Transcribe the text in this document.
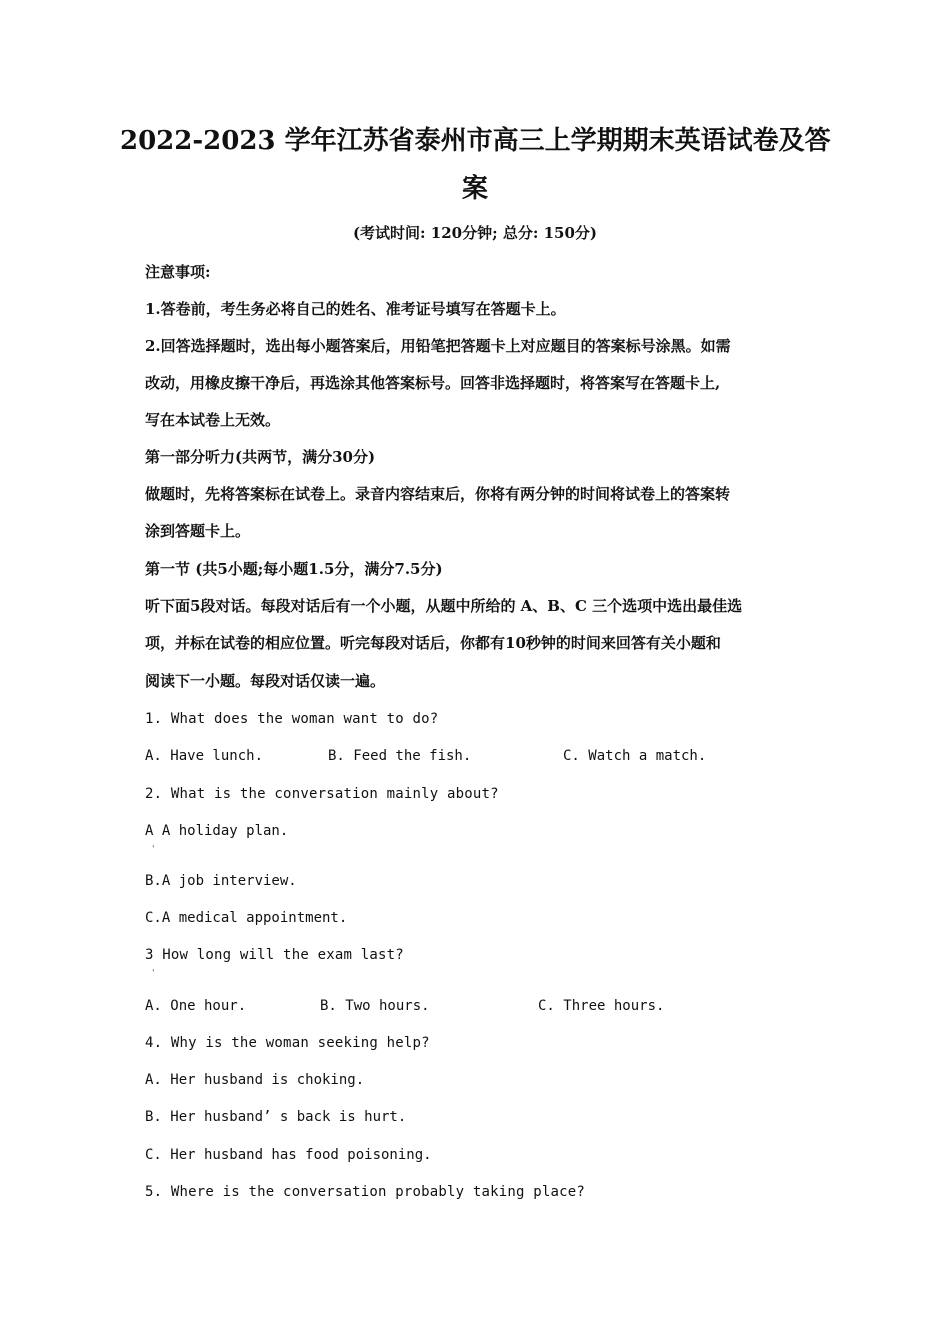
2022-2023 学年江苏省泰州市高三上学期期末英语试卷及答
案
(考试时间: 120分钟; 总分: 150分)
注意事项:
1.答卷前，考生务必将自己的姓名、准考证号填写在答题卡上。
2.回答选择题时，选出每小题答案后，用铅笔把答题卡上对应题目的答案标号涂黑。如需
改动，用橡皮擦干净后，再选涂其他答案标号。回答非选择题时，将答案写在答题卡上,
写在本试卷上无效。
第一部分听力(共两节，满分30分)
做题时，先将答案标在试卷上。录音内容结束后，你将有两分钟的时间将试卷上的答案转
涂到答题卡上。
第一节 (共5小题;每小题1.5分，满分7.5分)
听下面5段对话。每段对话后有一个小题，从题中所给的 A、B、C 三个选项中选出最佳选
项，并标在试卷的相应位置。听完每段对话后，你都有10秒钟的时间来回答有关小题和
阅读下一小题。每段对话仅读一遍。
1. What does the woman want to do?
A. Have lunch.	B. Feed the fish.	C. Watch a match.
2. What is the conversation mainly about?
A A holiday plan.
'
B.A job interview.
C.A medical appointment.
3 How long will the exam last?
'
A. One hour.	B. Two hours.	C. Three hours.
4. Why is the woman seeking help?
A. Her husband is choking.
B. Her husband’ s back is hurt.
C. Her husband has food poisoning.
5. Where is the conversation probably taking place?
